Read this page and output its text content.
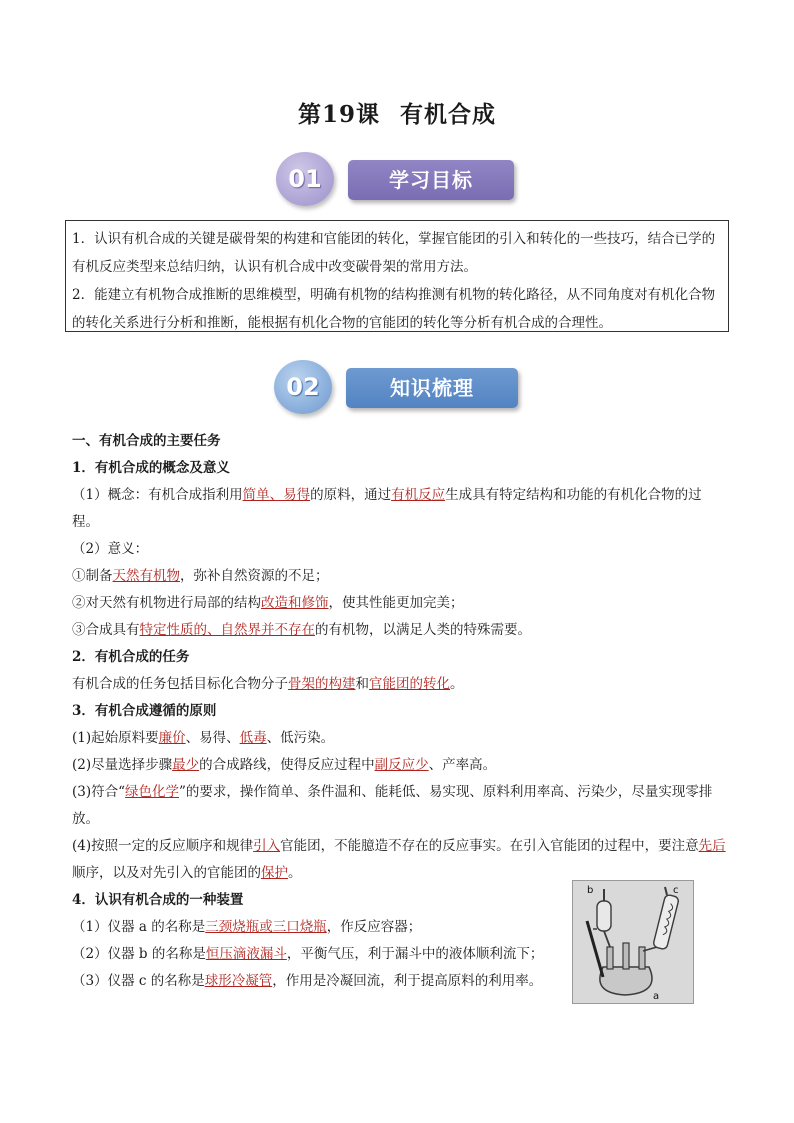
第19课 有机合成
学习目标
01

1．认识有机合成的关键是碳骨架的构建和官能团的转化，掌握官能团的引入和转化的一些技巧，结合已学的有机反应类型来总结归纳，认识有机合成中改变碳骨架的常用方法。

2．能建立有机物合成推断的思维模型，明确有机物的结构推测有机物的转化路径，从不同角度对有机化合物的转化关系进行分析和推断，能根据有机化合物的官能团的转化等分析有机合成的合理性。

知识梳理
02

一、有机合成的主要任务

1．有机合成的概念及意义

（1）概念：有机合成指利用简单、易得的原料，通过有机反应生成具有特定结构和功能的有机化合物的过程。

（2）意义：

①制备天然有机物，弥补自然资源的不足；

②对天然有机物进行局部的结构改造和修饰，使其性能更加完美；

③合成具有特定性质的、自然界并不存在的有机物，以满足人类的特殊需要。

2．有机合成的任务

有机合成的任务包括目标化合物分子骨架的构建和官能团的转化。

3．有机合成遵循的原则

(1)起始原料要廉价、易得、低毒、低污染。

(2)尽量选择步骤最少的合成路线，使得反应过程中副反应少、产率高。

(3)符合“绿色化学”的要求，操作简单、条件温和、能耗低、易实现、原料利用率高、污染少，尽量实现零排放。

(4)按照一定的反应顺序和规律引入官能团，不能臆造不存在的反应事实。在引入官能团的过程中，要注意先后顺序，以及对先引入的官能团的保护。

4．认识有机合成的一种装置

（1）仪器 a 的名称是三颈烧瓶或三口烧瓶，作反应容器；

（2）仪器 b 的名称是恒压滴液漏斗，平衡气压，利于漏斗中的液体顺利流下；

（3）仪器 c 的名称是球形冷凝管，作用是冷凝回流，利于提高原料的利用率。

b	c
a
